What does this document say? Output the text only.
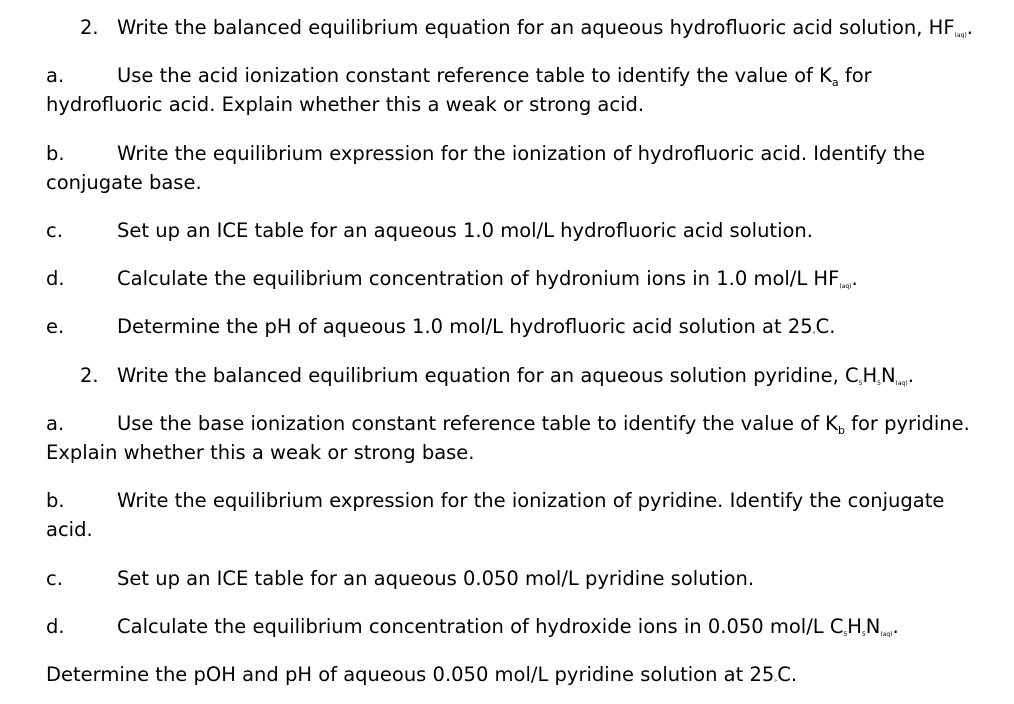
2. Write the balanced equilibrium equation for an aqueous hydrofluoric acid solution, $HF_{(aq)}$.
a.	Use the acid ionization constant reference table to identify the value of $K_a$ for
hydrofluoric acid. Explain whether this a weak or strong acid.
b.	Write the equilibrium expression for the ionization of hydrofluoric acid. Identify the
conjugate base.
c.	Set up an ICE table for an aqueous 1.0 mol/L hydrofluoric acid solution.
d.	Calculate the equilibrium concentration of hydronium ions in 1.0 mol/L $HF_{(aq)}$.
e.	Determine the pH of aqueous 1.0 mol/L hydrofluoric acid solution at $25^\circ C$.
2. Write the balanced equilibrium equation for an aqueous solution pyridine, $C_5H_5N_{(aq)}$.
a.	Use the base ionization constant reference table to identify the value of $K_b$ for pyridine.
Explain whether this a weak or strong base.
b.	Write the equilibrium expression for the ionization of pyridine. Identify the conjugate
acid.
c.	Set up an ICE table for an aqueous 0.050 mol/L pyridine solution.
d.	Calculate the equilibrium concentration of hydroxide ions in 0.050 mol/L $C_5H_5N_{(aq)}$.
Determine the pOH and pH of aqueous 0.050 mol/L pyridine solution at $25^\circ C$.
